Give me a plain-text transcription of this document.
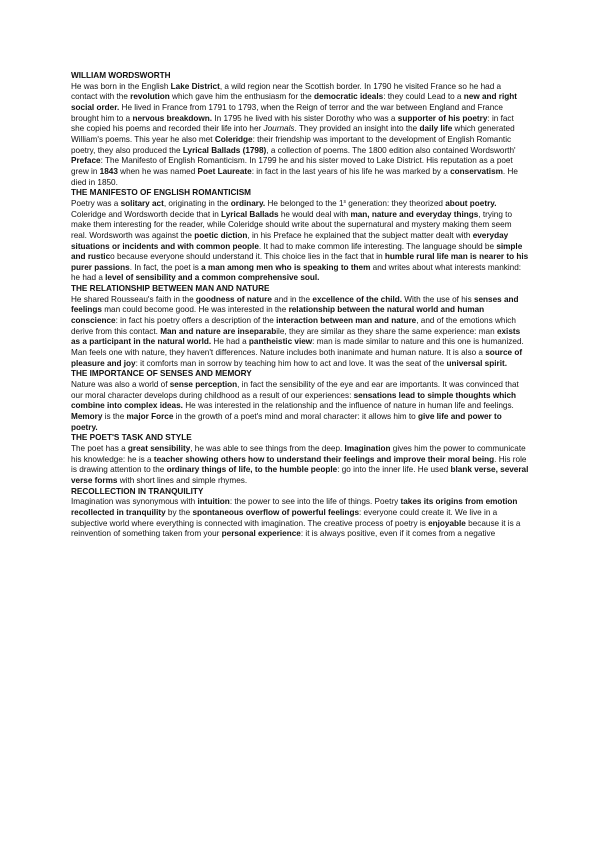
WILLIAM WORDSWORTH

He was born in the English Lake District, a wild region near the Scottish border. In 1790 he visited France so he had a contact with the revolution which gave him the enthusiasm for the democratic ideals: they could Lead to a new and right social order. He lived in France from 1791 to 1793, when the Reign of terror and the war between England and France brought him to a nervous breakdown. In 1795 he lived with his sister Dorothy who was a supporter of his poetry: in fact she copied his poems and recorded their life into her Journals. They provided an insight into the daily life which generated William's poems. This year he also met Coleridge: their friendship was important to the development of English Romantic poetry, they also produced the Lyrical Ballads (1798), a collection of poems. The 1800 edition also contained Wordsworth' Preface: The Manifesto of English Romanticism. In 1799 he and his sister moved to Lake District. His reputation as a poet grew in 1843 when he was named Poet Laureate: in fact in the last years of his life he was marked by a conservatism. He died in 1850.

THE MANIFESTO OF ENGLISH ROMANTICISM

Poetry was a solitary act, originating in the ordinary. He belonged to the 1$^s$ generation: they theorized about poetry. Coleridge and Wordsworth decide that in Lyrical Ballads he would deal with man, nature and everyday things, trying to make them interesting for the reader, while Coleridge should write about the supernatural and mystery making them seem real. Wordsworth was against the poetic diction, in his Preface he explained that the subject matter dealt with everyday situations or incidents and with common people. It had to make common life interesting. The language should be simple and rustico because everyone should understand it. This choice lies in the fact that in humble rural life man is nearer to his purer passions. In fact, the poet is a man among men who is speaking to them and writes about what interests mankind: he had a level of sensibility and a common comprehensive soul.

THE RELATIONSHIP BETWEEN MAN AND NATURE

He shared Rousseau's faith in the goodness of nature and in the excellence of the child. With the use of his senses and feelings man could become good. He was interested in the relationship between the natural world and human conscience: in fact his poetry offers a description of the interaction between man and nature, and of the emotions which derive from this contact. Man and nature are inseparabile, they are similar as they share the same experience: man exists as a participant in the natural world. He had a pantheistic view: man is made similar to nature and this one is humanized. Man feels one with nature, they haven't differences. Nature includes both inanimate and human nature. It is also a source of pleasure and joy: it comforts man in sorrow by teaching him how to act and love. It was the seat of the universal spirit.

THE IMPORTANCE OF SENSES AND MEMORY

Nature was also a world of sense perception, in fact the sensibility of the eye and ear are importants. It was convinced that our moral character develops during childhood as a result of our experiences: sensations lead to simple thoughts which combine into complex ideas. He was interested in the relationship and the influence of nature in human life and feelings. Memory is the major Force in the growth of a poet's mind and moral character: it allows him to give life and power to poetry.

THE POET'S TASK AND STYLE

The poet has a great sensibility, he was able to see things from the deep. Imagination gives him the power to communicate his knowledge: he is a teacher showing others how to understand their feelings and improve their moral being. His role is drawing attention to the ordinary things of life, to the humble people: go into the inner life. He used blank verse, several verse forms with short lines and simple rhymes.

RECOLLECTION IN TRANQUILITY

Imagination was synonymous with intuition: the power to see into the life of things. Poetry takes its origins from emotion recollected in tranquility by the spontaneous overflow of powerful feelings: everyone could create it. We live in a subjective world where everything is connected with imagination. The creative process of poetry is enjoyable because it is a reinvention of something taken from your personal experience: it is always positive, even if it comes from a negative
